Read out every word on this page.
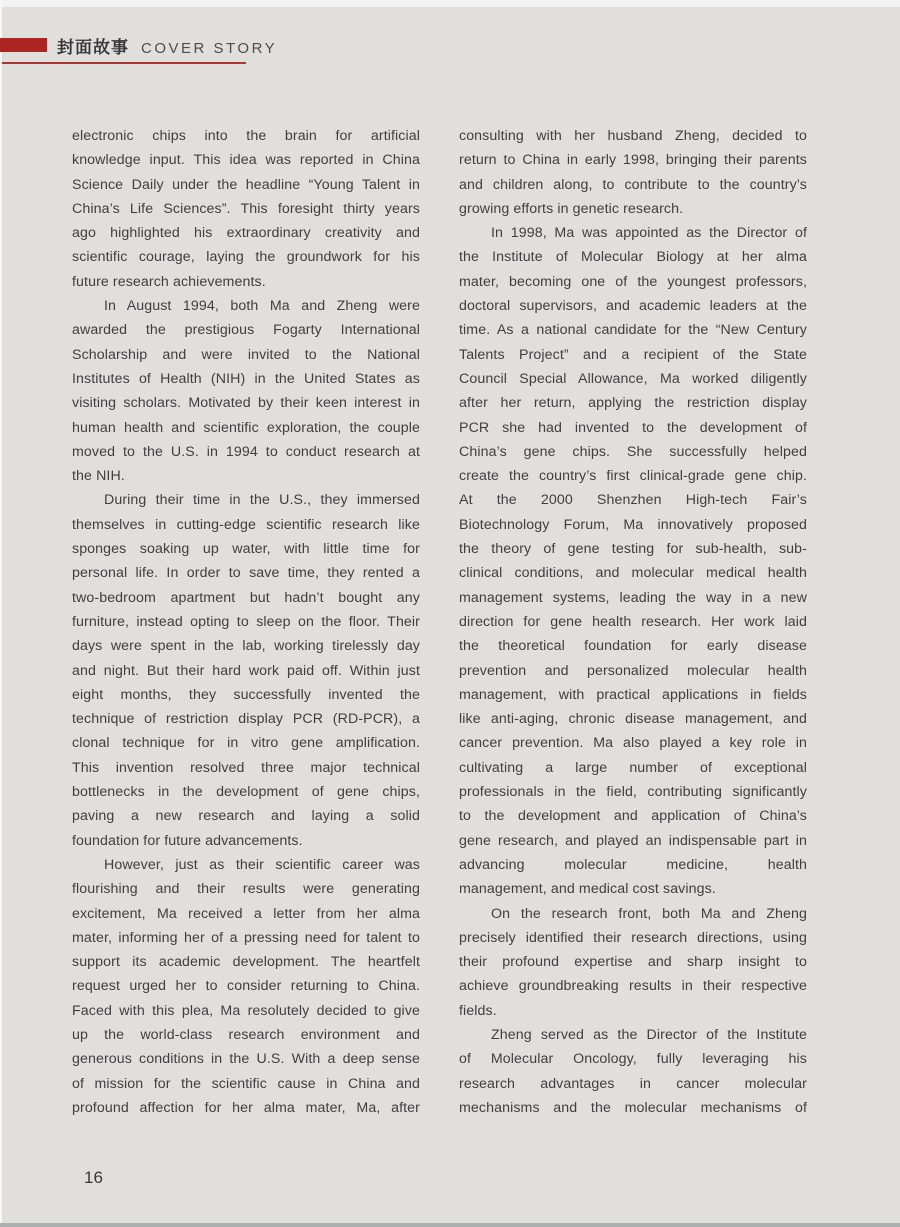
封面故事 COVER STORY
electronic chips into the brain for artificial
knowledge input. This idea was reported in China
Science Daily under the headline “Young Talent in
China’s Life Sciences”. This foresight thirty years
ago highlighted his extraordinary creativity and
scientific courage, laying the groundwork for his
future research achievements.
In August 1994, both Ma and Zheng were
awarded the prestigious Fogarty International
Scholarship and were invited to the National
Institutes of Health (NIH) in the United States as
visiting scholars. Motivated by their keen interest in
human health and scientific exploration, the couple
moved to the U.S. in 1994 to conduct research at
the NIH.
During their time in the U.S., they immersed
themselves in cutting-edge scientific research like
sponges soaking up water, with little time for
personal life. In order to save time, they rented a
two-bedroom apartment but hadn’t bought any
furniture, instead opting to sleep on the floor. Their
days were spent in the lab, working tirelessly day
and night. But their hard work paid off. Within just
eight months, they successfully invented the
technique of restriction display PCR (RD-PCR), a
clonal technique for in vitro gene amplification.
This invention resolved three major technical
bottlenecks in the development of gene chips,
paving a new research and laying a solid
foundation for future advancements.
However, just as their scientific career was
flourishing and their results were generating
excitement, Ma received a letter from her alma
mater, informing her of a pressing need for talent to
support its academic development. The heartfelt
request urged her to consider returning to China.
Faced with this plea, Ma resolutely decided to give
up the world-class research environment and
generous conditions in the U.S. With a deep sense
of mission for the scientific cause in China and
profound affection for her alma mater, Ma, after
consulting with her husband Zheng, decided to
return to China in early 1998, bringing their parents
and children along, to contribute to the country’s
growing efforts in genetic research.
In 1998, Ma was appointed as the Director of
the Institute of Molecular Biology at her alma
mater, becoming one of the youngest professors,
doctoral supervisors, and academic leaders at the
time. As a national candidate for the “New Century
Talents Project” and a recipient of the State
Council Special Allowance, Ma worked diligently
after her return, applying the restriction display
PCR she had invented to the development of
China’s gene chips. She successfully helped
create the country’s first clinical-grade gene chip.
At the 2000 Shenzhen High-tech Fair’s
Biotechnology Forum, Ma innovatively proposed
the theory of gene testing for sub-health, sub-
clinical conditions, and molecular medical health
management systems, leading the way in a new
direction for gene health research. Her work laid
the theoretical foundation for early disease
prevention and personalized molecular health
management, with practical applications in fields
like anti-aging, chronic disease management, and
cancer prevention. Ma also played a key role in
cultivating a large number of exceptional
professionals in the field, contributing significantly
to the development and application of China’s
gene research, and played an indispensable part in
advancing molecular medicine, health
management, and medical cost savings.
On the research front, both Ma and Zheng
precisely identified their research directions, using
their profound expertise and sharp insight to
achieve groundbreaking results in their respective
fields.
Zheng served as the Director of the Institute
of Molecular Oncology, fully leveraging his
research advantages in cancer molecular
mechanisms and the molecular mechanisms of
16
